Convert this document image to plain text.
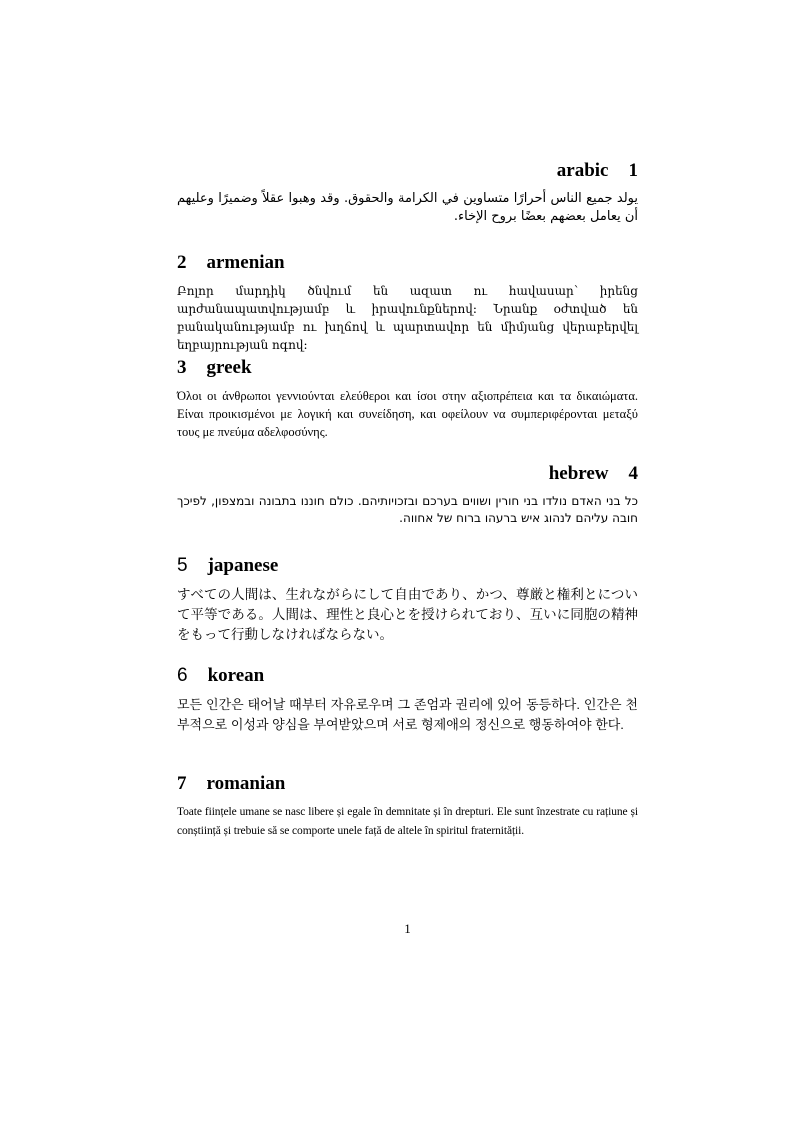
1
arabic

يولد جميع الناس أحرارًا متساوين في الكرامة والحقوق. وقد وهبوا عقلاً وضميرًا وعليهم أن يعامل بعضهم بعضًا بروح الإخاء.

2 armenian

Բոլոր մարդիկ ծնվում են ազատ ու հավասար՝ իրենց արժանապատվությամբ և իրավունքներով։ Նրանք օժտված են բանականությամբ ու խղճով և պարտավոր են միմյանց վերաբերվել եղբայրության ոգով։

3 greek

Όλοι οι άνθρωποι γεννιούνται ελεύθεροι και ίσοι στην αξιοπρέπεια και τα δικαιώματα. Είναι προικισμένοι με λογική και συνείδηση, και οφείλουν να συμπεριφέρονται μεταξύ τους με πνεύμα αδελφοσύνης.

4
hebrew

כל בני האדם נולדו בני חורין ושווים בערכם ובזכויותיהם. כולם חוננו בתבונה ובמצפון, לפיכך חובה עליהם לנהוג איש ברעהו ברוח של אחווה.

5 japanese

すべての人間は、生れながらにして自由であり、かつ、尊厳と権利とについて平等である。人間は、理性と良心とを授けられており、互いに同胞の精神をもって行動しなければならない。

6 korean

모든 인간은 태어날 때부터 자유로우며 그 존엄과 권리에 있어 동등하다. 인간은 천부적으로 이성과 양심을 부여받았으며 서로 형제애의 정신으로 행동하여야 한다.

7 romanian

Toate ființele umane se nasc libere și egale în demnitate și în drepturi. Ele sunt înzestrate cu rațiune și conștiință și trebuie să se comporte unele față de altele în spiritul fraternității.

1
